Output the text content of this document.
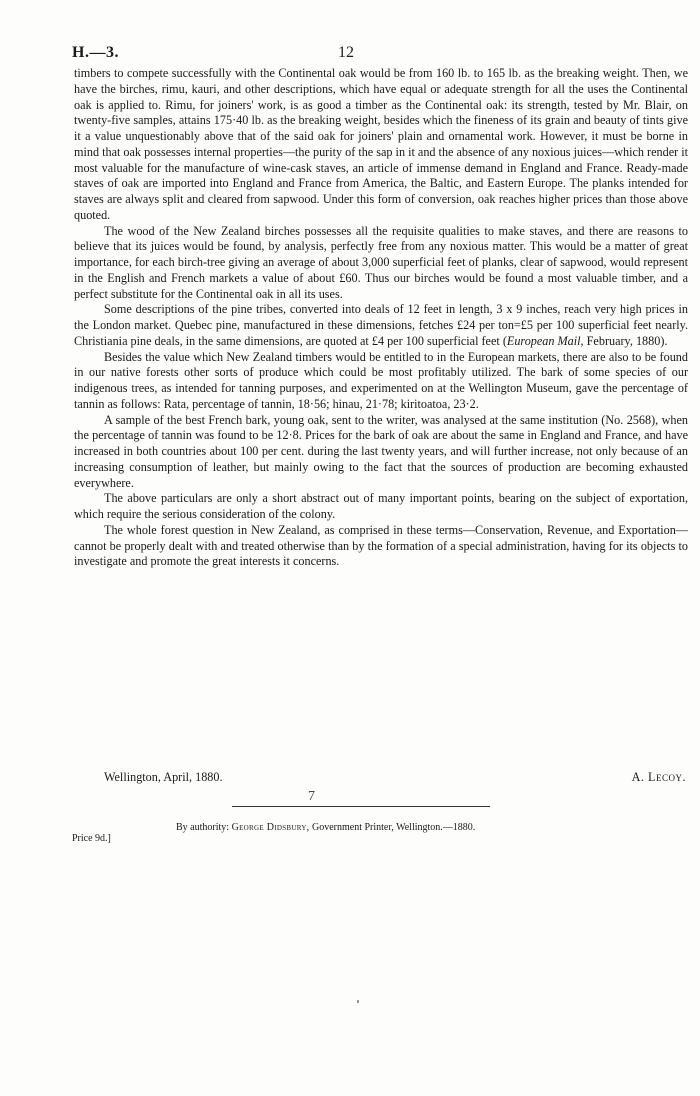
H.—3.	12

timbers to compete successfully with the Continental oak would be from 160 lb. to 165 lb. as the breaking weight. Then, we have the birches, rimu, kauri, and other descriptions, which have equal or adequate strength for all the uses the Continental oak is applied to. Rimu, for joiners' work, is as good a timber as the Continental oak: its strength, tested by Mr. Blair, on twenty-five samples, attains 175·40 lb. as the breaking weight, besides which the fineness of its grain and beauty of tints give it a value unquestionably above that of the said oak for joiners' plain and ornamental work. However, it must be borne in mind that oak possesses internal properties—the purity of the sap in it and the absence of any noxious juices—which render it most valuable for the manufacture of wine-cask staves, an article of immense demand in England and France. Ready-made staves of oak are imported into England and France from America, the Baltic, and Eastern Europe. The planks intended for staves are always split and cleared from sapwood. Under this form of conversion, oak reaches higher prices than those above quoted.

The wood of the New Zealand birches possesses all the requisite qualities to make staves, and there are reasons to believe that its juices would be found, by analysis, perfectly free from any noxious matter. This would be a matter of great importance, for each birch-tree giving an average of about 3,000 superficial feet of planks, clear of sapwood, would represent in the English and French markets a value of about £60. Thus our birches would be found a most valuable timber, and a perfect substitute for the Continental oak in all its uses.

Some descriptions of the pine tribes, converted into deals of 12 feet in length, 3 x 9 inches, reach very high prices in the London market. Quebec pine, manufactured in these dimensions, fetches £24 per ton=£5 per 100 superficial feet nearly. Christiania pine deals, in the same dimensions, are quoted at £4 per 100 superficial feet (European Mail, February, 1880).

Besides the value which New Zealand timbers would be entitled to in the European markets, there are also to be found in our native forests other sorts of produce which could be most profitably utilized. The bark of some species of our indigenous trees, as intended for tanning purposes, and experimented on at the Wellington Museum, gave the percentage of tannin as follows: Rata, percentage of tannin, 18·56; hinau, 21·78; kiritoatoa, 23·2.

A sample of the best French bark, young oak, sent to the writer, was analysed at the same institution (No. 2568), when the percentage of tannin was found to be 12·8. Prices for the bark of oak are about the same in England and France, and have increased in both countries about 100 per cent. during the last twenty years, and will further increase, not only because of an increasing consumption of leather, but mainly owing to the fact that the sources of production are becoming exhausted everywhere.

The above particulars are only a short abstract out of many important points, bearing on the subject of exportation, which require the serious consideration of the colony.

The whole forest question in New Zealand, as comprised in these terms—Conservation, Revenue, and Exportation—cannot be properly dealt with and treated otherwise than by the formation of a special administration, having for its objects to investigate and promote the great interests it concerns.

Wellington, April, 1880.	A. Lecoy.
7
By authority: George Didsbury, Government Printer, Wellington.—1880.
Price 9d.]
